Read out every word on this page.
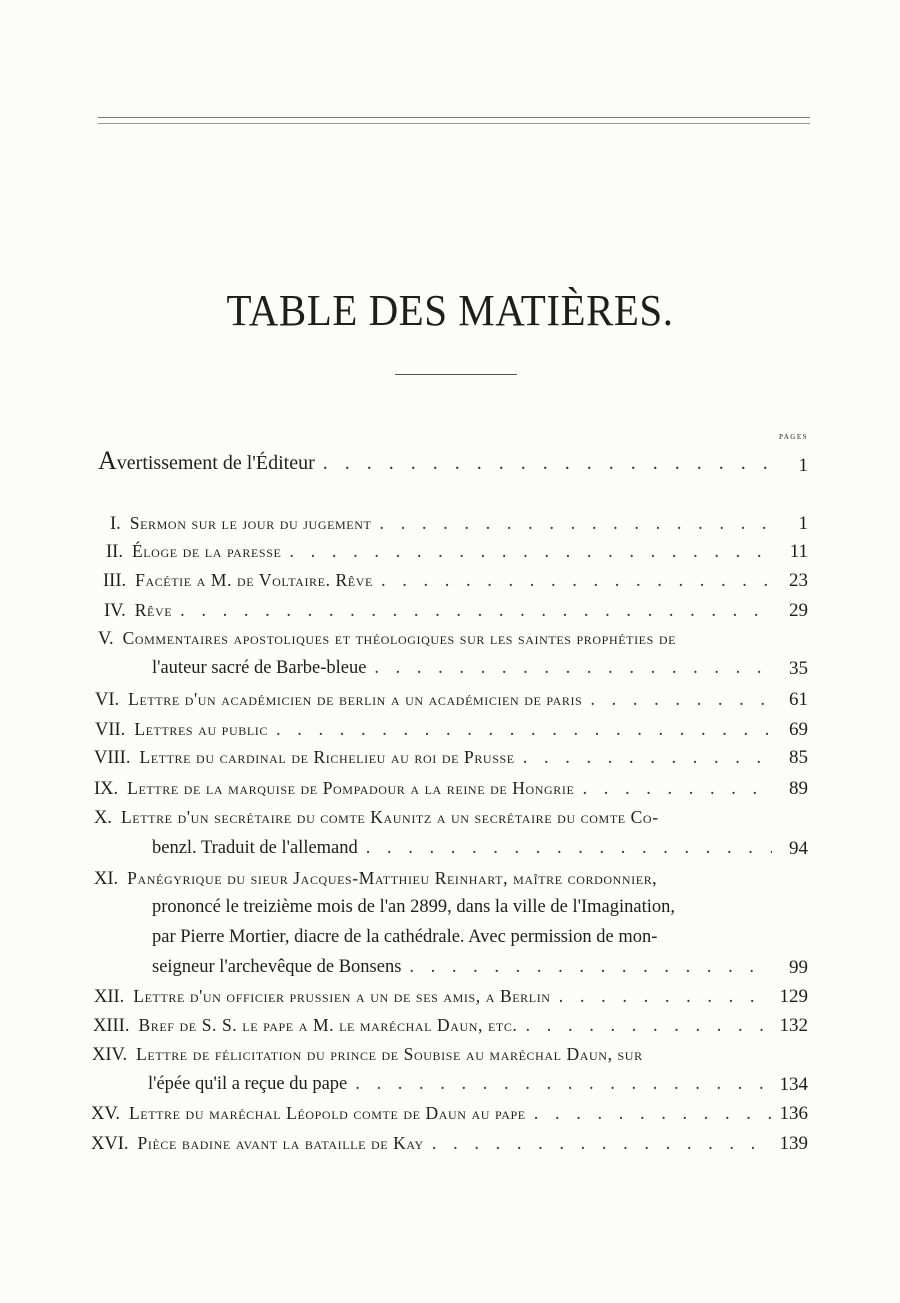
TABLE DES MATIÈRES.
pages
A vertissement de l'Éditeur . . .	1
I. Sermon sur le jour du jugement . . .	1
II. Éloge de la paresse . . .	11
III. Facétie a M. de Voltaire. Rêve . . .	23
IV. Rêve . . .	29
V. Commentaires apostoliques et théologiques sur les saintes prophéties de
l'auteur sacré de Barbe-bleue . . .	35
VI. Lettre d'un académicien de berlin a un académicien de paris . . .	61
VII. Lettres au public . . .	69
VIII. Lettre du cardinal de Richelieu au roi de Prusse . . .	85
IX. Lettre de la marquise de Pompadour a la reine de Hongrie . . .	89
X. Lettre d'un secrétaire du comte Kaunitz a un secrétaire du comte Co-
benzl. Traduit de l'allemand . . .	94
XI. Panégyrique du sieur Jacques-Matthieu Reinhart, maître cordonnier,
prononcé le treizième mois de l'an 2899, dans la ville de l'Imagination,
par Pierre Mortier, diacre de la cathédrale. Avec permission de mon-
seigneur l'archevêque de Bonsens . . .	99
XII. Lettre d'un officier prussien a un de ses amis, a Berlin . . .	129
XIII. Bref de S. S. le pape a M. le maréchal Daun, etc. . . .	132
XIV. Lettre de félicitation du prince de Soubise au maréchal Daun, sur
l'épée qu'il a reçue du pape . . .	134
XV. Lettre du maréchal Léopold comte de Daun au pape . . .	136
XVI. Pièce badine avant la bataille de Kay . . .	139
